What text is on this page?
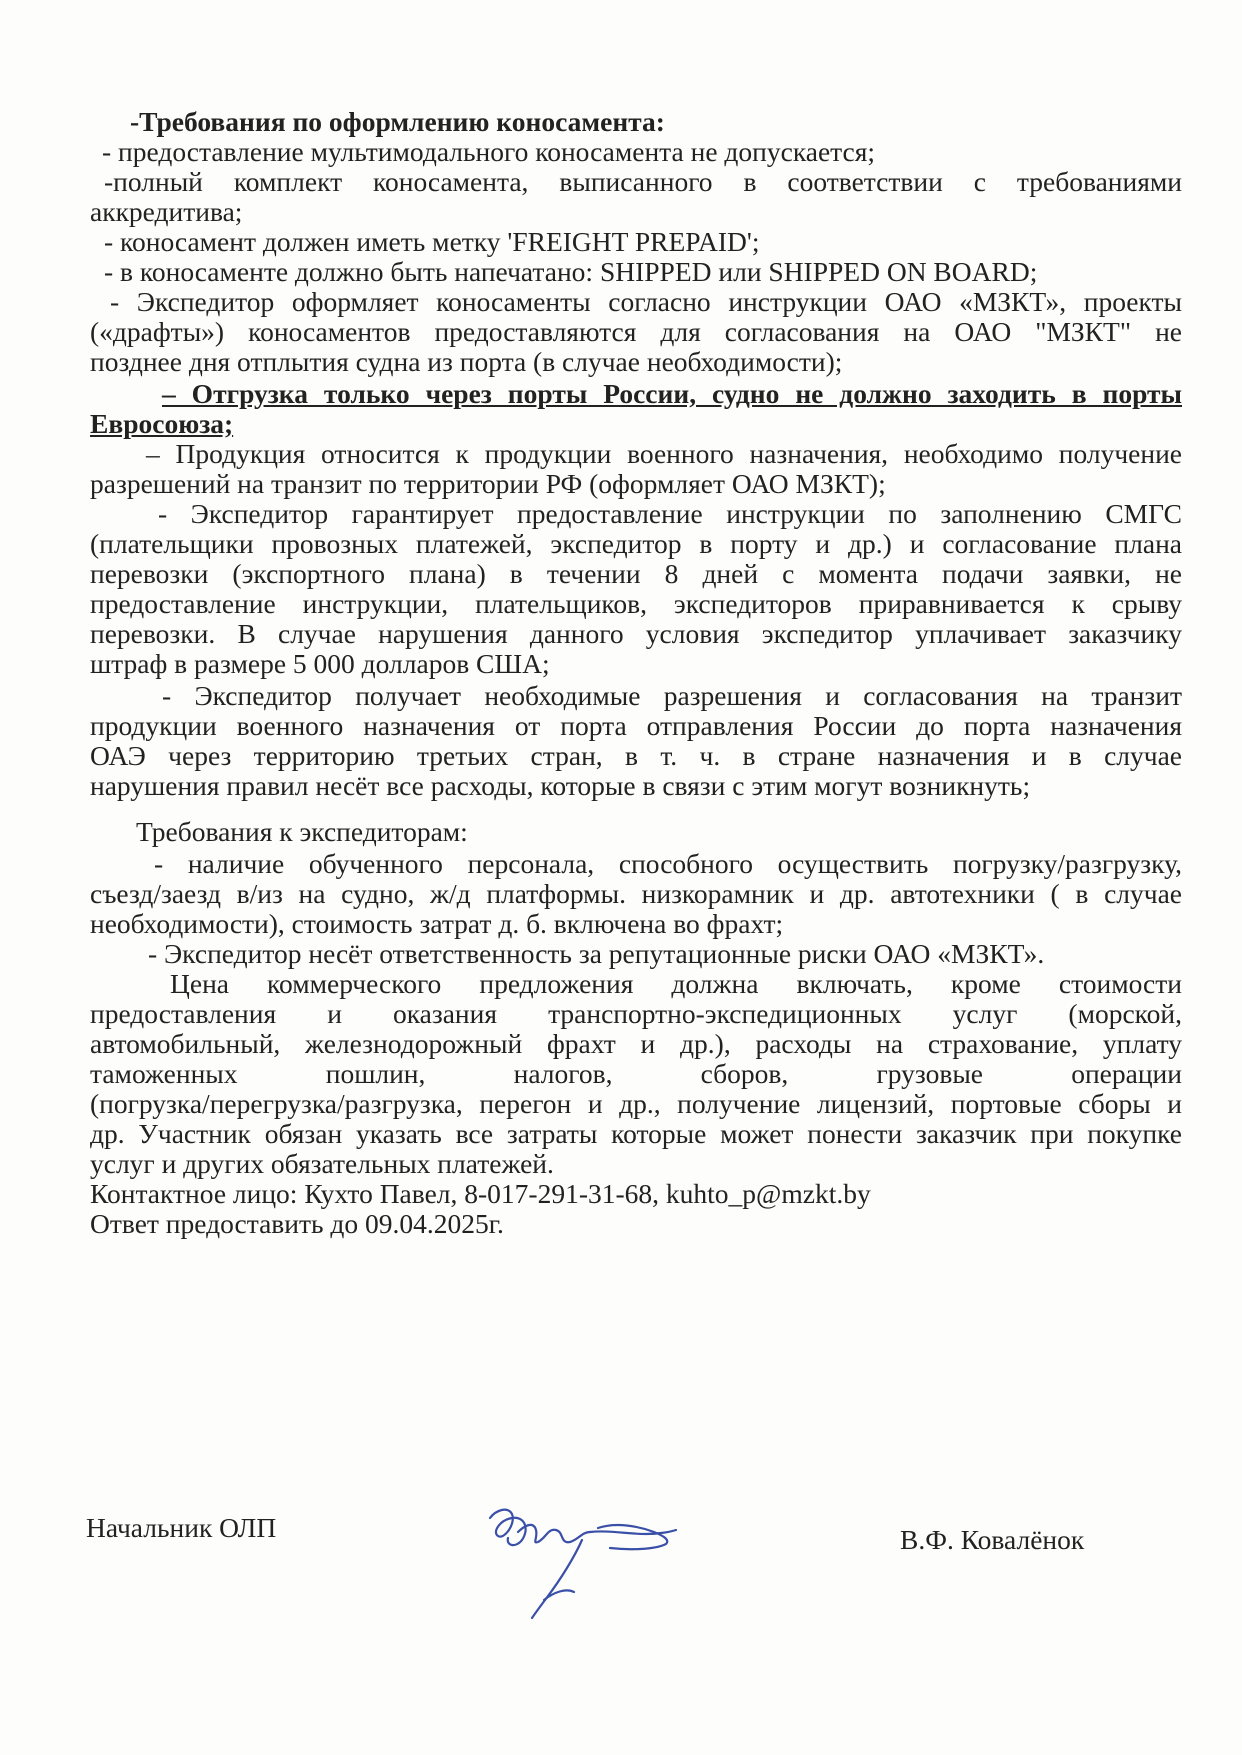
-Требования по оформлению коносамента:
- предоставление мультимодального коносамента не допускается;
-полный комплект коносамента, выписанного в соответствии с требованиями
аккредитива;
- коносамент должен иметь метку 'FREIGHT PREPAID';
- в коносаменте должно быть напечатано: SHIPPED или SHIPPED ON BOARD;
- Экспедитор оформляет коносаменты согласно инструкции ОАО «МЗКТ», проекты
(«драфты») коносаментов предоставляются для согласования на ОАО "МЗКТ" не
позднее дня отплытия судна из порта (в случае необходимости);
– Отгрузка только через порты России, судно не должно заходить в порты
Евросоюза;
– Продукция относится к продукции военного назначения, необходимо получение
разрешений на транзит по территории РФ (оформляет ОАО МЗКТ);
- Экспедитор гарантирует предоставление инструкции по заполнению СМГС
(плательщики провозных платежей, экспедитор в порту и др.) и согласование плана
перевозки (экспортного плана) в течении 8 дней с момента подачи заявки, не
предоставление инструкции, плательщиков, экспедиторов приравнивается к срыву
перевозки. В случае нарушения данного условия экспедитор уплачивает заказчику
штраф в размере 5 000 долларов США;
- Экспедитор получает необходимые разрешения и согласования на транзит
продукции военного назначения от порта отправления России до порта назначения
ОАЭ через территорию третьих стран, в т. ч. в стране назначения и в случае
нарушения правил несёт все расходы, которые в связи с этим могут возникнуть;
Требования к экспедиторам:
- наличие обученного персонала, способного осуществить погрузку/разгрузку,
съезд/заезд в/из на судно, ж/д платформы. низкорамник и др. автотехники ( в случае
необходимости), стоимость затрат д. б. включена во фрахт;
- Экспедитор несёт ответственность за репутационные риски ОАО «МЗКТ».
Цена коммерческого предложения должна включать, кроме стоимости
предоставления и оказания транспортно-экспедиционных услуг (морской,
автомобильный, железнодорожный фрахт и др.), расходы на страхование, уплату
таможенных пошлин, налогов, сборов, грузовые операции
(погрузка/перегрузка/разгрузка, перегон и др., получение лицензий, портовые сборы и
др. Участник обязан указать все затраты которые может понести заказчик при покупке
услуг и других обязательных платежей.
Контактное лицо: Кухто Павел, 8-017-291-31-68, kuhto_p@mzkt.by
Ответ предоставить до 09.04.2025г.
Начальник ОЛП	В.Ф. Ковалёнок
